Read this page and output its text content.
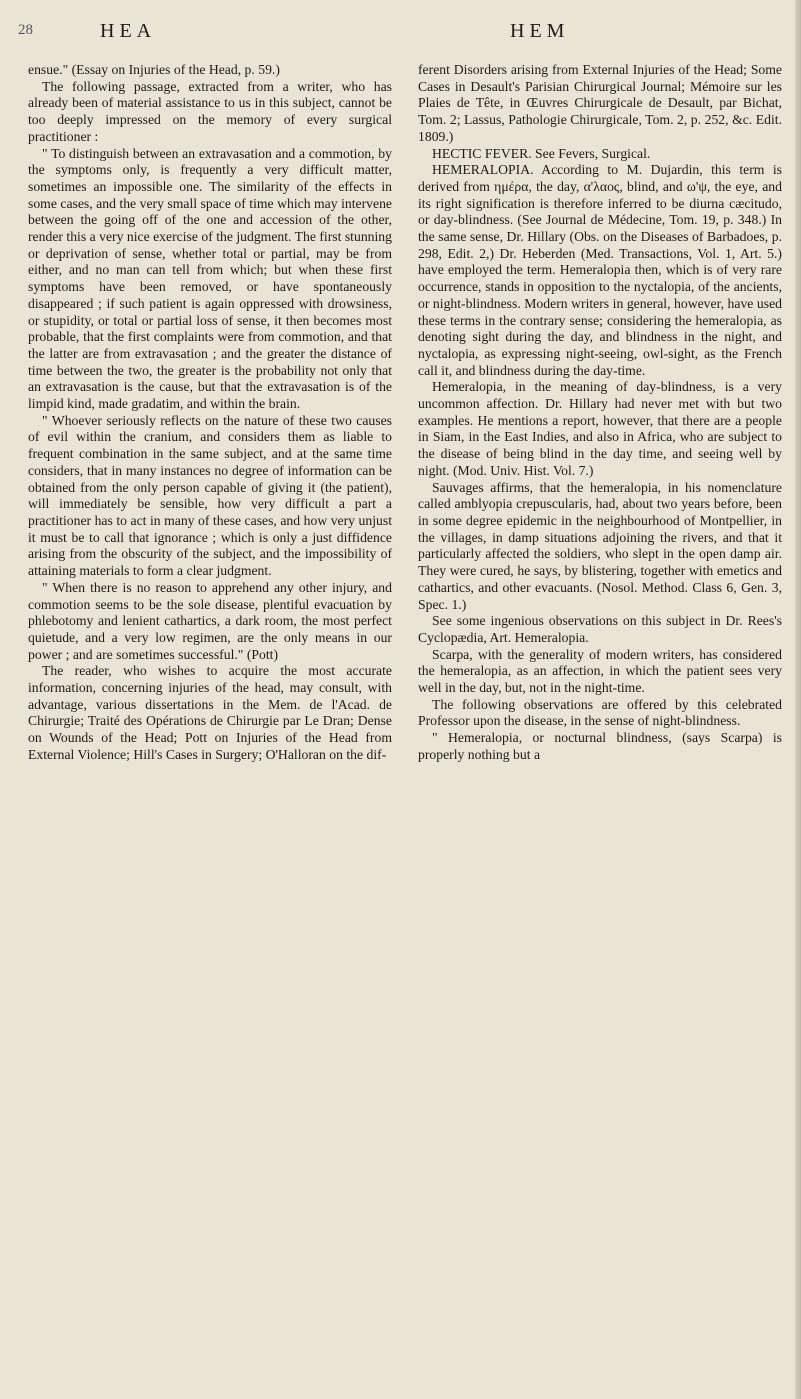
28	HEA	HEM

ensue." (Essay on Injuries of the Head, p. 59.)

The following passage, extracted from a writer, who has already been of material assistance to us in this subject, cannot be too deeply impressed on the memory of every surgical practitioner :

" To distinguish between an extravasation and a commotion, by the symptoms only, is frequently a very difficult matter, sometimes an impossible one. The similarity of the effects in some cases, and the very small space of time which may intervene between the going off of the one and accession of the other, render this a very nice exercise of the judgment. The first stunning or deprivation of sense, whether total or partial, may be from either, and no man can tell from which; but when these first symptoms have been removed, or have spontaneously disappeared ; if such patient is again oppressed with drowsiness, or stupidity, or total or partial loss of sense, it then becomes most probable, that the first complaints were from commotion, and that the latter are from extravasation ; and the greater the distance of time between the two, the greater is the probability not only that an extravasation is the cause, but that the extravasation is of the limpid kind, made gradatim, and within the brain.

" Whoever seriously reflects on the nature of these two causes of evil within the cranium, and considers them as liable to frequent combination in the same subject, and at the same time considers, that in many instances no degree of information can be obtained from the only person capable of giving it (the patient), will immediately be sensible, how very difficult a part a practitioner has to act in many of these cases, and how very unjust it must be to call that ignorance ; which is only a just diffidence arising from the obscurity of the subject, and the impossibility of attaining materials to form a clear judgment.

" When there is no reason to apprehend any other injury, and commotion seems to be the sole disease, plentiful evacuation by phlebotomy and lenient cathartics, a dark room, the most perfect quietude, and a very low regimen, are the only means in our power ; and are sometimes successful." (Pott)

The reader, who wishes to acquire the most accurate information, concerning injuries of the head, may consult, with advantage, various dissertations in the Mem. de l'Acad. de Chirurgie; Traité des Opérations de Chirurgie par Le Dran; Dense on Wounds of the Head; Pott on Injuries of the Head from External Violence; Hill's Cases in Surgery; O'Halloran on the dif-

ferent Disorders arising from External Injuries of the Head; Some Cases in Desault's Parisian Chirurgical Journal; Mémoire sur les Plaies de Tête, in Œuvres Chirurgicale de Desault, par Bichat, Tom. 2; Lassus, Pathologie Chirurgicale, Tom. 2, p. 252, &c. Edit. 1809.)

HECTIC FEVER. See Fevers, Surgical.

HEMERALOPIA. According to M. Dujardin, this term is derived from ημέρα, the day, α'λαος, blind, and ω'ψ, the eye, and its right signification is therefore inferred to be diurna cæcitudo, or day-blindness. (See Journal de Médecine, Tom. 19, p. 348.) In the same sense, Dr. Hillary (Obs. on the Diseases of Barbadoes, p. 298, Edit. 2,) Dr. Heberden (Med. Transactions, Vol. 1, Art. 5.) have employed the term. Hemeralopia then, which is of very rare occurrence, stands in opposition to the nyctalopia, of the ancients, or night-blindness. Modern writers in general, however, have used these terms in the contrary sense; considering the hemeralopia, as denoting sight during the day, and blindness in the night, and nyctalopia, as expressing night-seeing, owl-sight, as the French call it, and blindness during the day-time.

Hemeralopia, in the meaning of day-blindness, is a very uncommon affection. Dr. Hillary had never met with but two examples. He mentions a report, however, that there are a people in Siam, in the East Indies, and also in Africa, who are subject to the disease of being blind in the day time, and seeing well by night. (Mod. Univ. Hist. Vol. 7.)

Sauvages affirms, that the hemeralopia, in his nomenclature called amblyopia crepuscularis, had, about two years before, been in some degree epidemic in the neighbourhood of Montpellier, in the villages, in damp situations adjoining the rivers, and that it particularly affected the soldiers, who slept in the open damp air. They were cured, he says, by blistering, together with emetics and cathartics, and other evacuants. (Nosol. Method. Class 6, Gen. 3, Spec. 1.)

See some ingenious observations on this subject in Dr. Rees's Cyclopædia, Art. Hemeralopia.

Scarpa, with the generality of modern writers, has considered the hemeralopia, as an affection, in which the patient sees very well in the day, but, not in the night-time.

The following observations are offered by this celebrated Professor upon the disease, in the sense of night-blindness.

" Hemeralopia, or nocturnal blindness, (says Scarpa) is properly nothing but a
